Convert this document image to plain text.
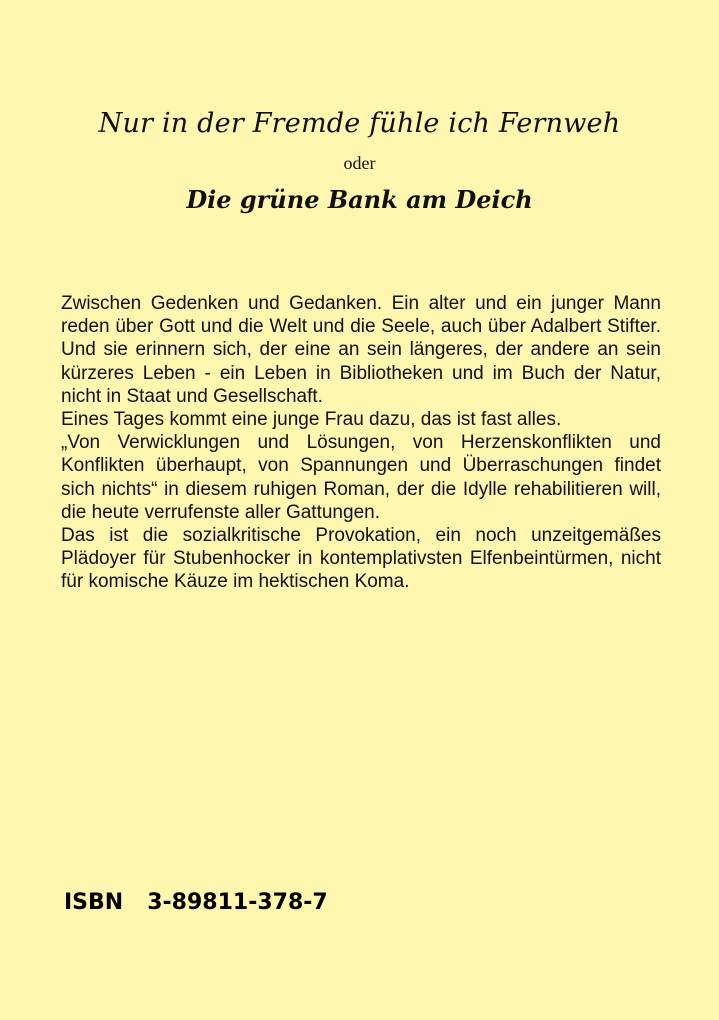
Nur in der Fremde fühle ich Fernweh
oder
Die grüne Bank am Deich

Zwischen Gedenken und Gedanken. Ein alter und ein junger Mann reden über Gott und die Welt und die Seele, auch über Adalbert Stifter. Und sie erinnern sich, der eine an sein längeres, der andere an sein kürzeres Leben - ein Leben in Bibliotheken und im Buch der Natur, nicht in Staat und Gesellschaft.

Eines Tages kommt eine junge Frau dazu, das ist fast alles.

„Von Verwicklungen und Lösungen, von Herzenskonflikten und Konflikten überhaupt, von Spannungen und Überraschungen findet sich nichts“ in diesem ruhigen Roman, der die Idylle rehabilitieren will, die heute verrufenste aller Gattungen.

Das ist die sozialkritische Provokation, ein noch unzeitgemäßes Plädoyer für Stubenhocker in kontemplativsten Elfenbeintürmen, nicht für komische Käuze im hektischen Koma.

ISBN 3-89811-378-7
